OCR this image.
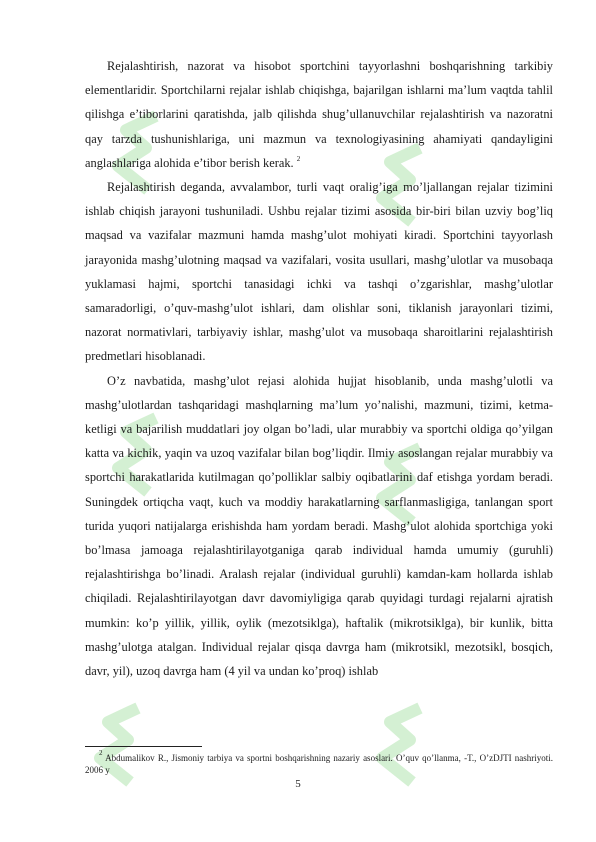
Rejalashtirish, nazorat va hisobot sportchini tayyorlashni boshqarishning tarkibiy elementlaridir. Sportchilarni rejalar ishlab chiqishga, bajarilgan ishlarni ma’lum vaqtda tahlil qilishga e’tiborlarini qaratishda, jalb qilishda shug’ullanuvchilar rejalashtirish va nazoratni qay tarzda tushunishlariga, uni mazmun va texnologiyasining ahamiyati qandayligini anglashlariga alohida e’tibor berish kerak. $^2$

Rejalashtirish deganda, avvalambor, turli vaqt oralig’iga mo’ljallangan rejalar tizimini ishlab chiqish jarayoni tushuniladi. Ushbu rejalar tizimi asosida bir-biri bilan uzviy bog’liq maqsad va vazifalar mazmuni hamda mashg’ulot mohiyati kiradi. Sportchini tayyorlash jarayonida mashg’ulotning maqsad va vazifalari, vosita usullari, mashg’ulotlar va musobaqa yuklamasi hajmi, sportchi tanasidagi ichki va tashqi o’zgarishlar, mashg’ulotlar samaradorligi, o’quv-mashg’ulot ishlari, dam olishlar soni, tiklanish jarayonlari tizimi, nazorat normativlari, tarbiyaviy ishlar, mashg’ulot va musobaqa sharoitlarini rejalashtirish predmetlari hisoblanadi.

O’z navbatida, mashg’ulot rejasi alohida hujjat hisoblanib, unda mashg’ulotli va mashg’ulotlardan tashqaridagi mashqlarning ma’lum yo’nalishi, mazmuni, tizimi, ketma-ketligi va bajarilish muddatlari joy olgan bo’ladi, ular murabbiy va sportchi oldiga qo’yilgan katta va kichik, yaqin va uzoq vazifalar bilan bog’liqdir. Ilmiy asoslangan rejalar murabbiy va sportchi harakatlarida kutilmagan qo’polliklar salbiy oqibatlarini daf etishga yordam beradi. Suningdek ortiqcha vaqt, kuch va moddiy harakatlarning sarflanmasligiga, tanlangan sport turida yuqori natijalarga erishishda ham yordam beradi. Mashg’ulot alohida sportchiga yoki bo’lmasa jamoaga rejalashtirilayotganiga qarab individual hamda umumiy (guruhli) rejalashtirishga bo’linadi. Aralash rejalar (individual guruhli) kamdan-kam hollarda ishlab chiqiladi. Rejalashtirilayotgan davr davomiyligiga qarab quyidagi turdagi rejalarni ajratish mumkin: ko’p yillik, yillik, oylik (mezotsiklga), haftalik (mikrotsiklga), bir kunlik, bitta mashg’ulotga atalgan. Individual rejalar qisqa davrga ham (mikrotsikl, mezotsikl, bosqich, davr, yil), uzoq davrga ham (4 yil va undan ko’proq) ishlab

$^2$ Abdumalikov R., Jismoniy tarbiya va sportni boshqarishning nazariy asoslari. O’quv qo’llanma, -T., O’zDJTI nashriyoti. 2006 y
5
